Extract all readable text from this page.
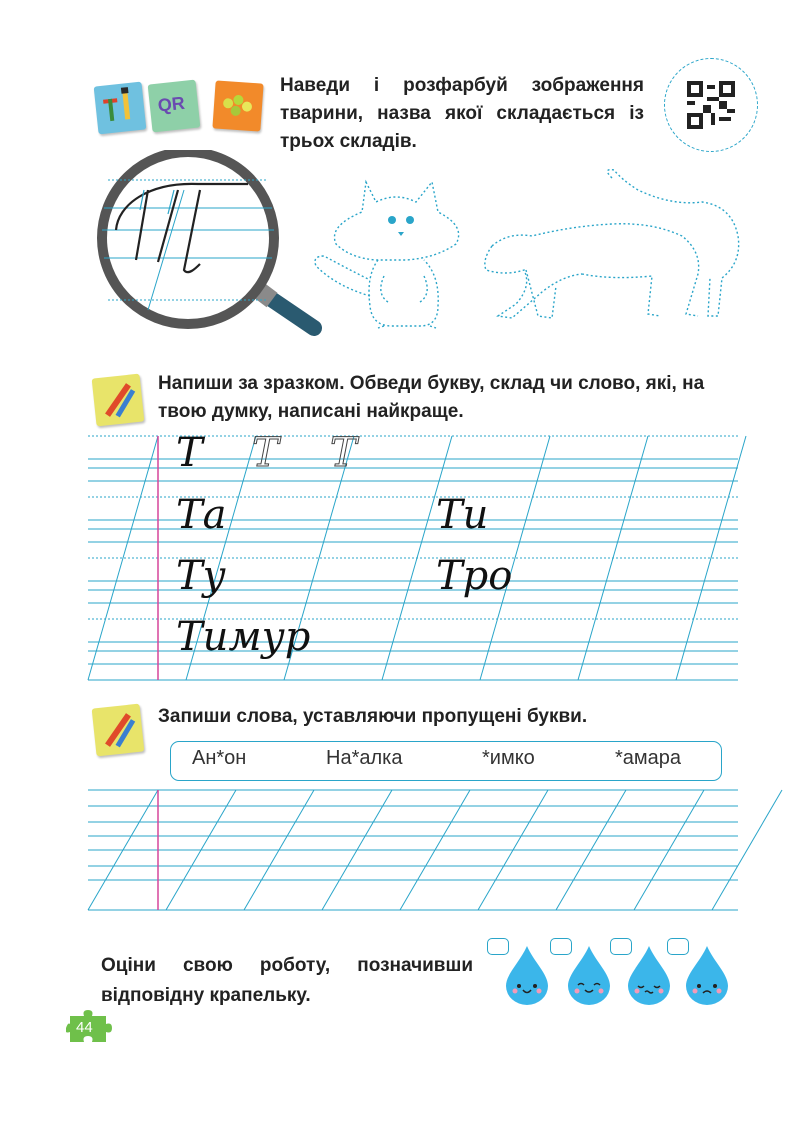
QR
Наведи і розфарбуй зображення тварини, назва якої складається із трьох складів.
Напиши за зразком. Обведи букву, склад чи слово, які, на твою думку, написані найкраще.
Т Т Т
Та	Ти
Ту	Тро
Тимур
Запиши слова, уставляючи пропущені букви.
Ан*он	На*алка	*имко	*амара
Оціни свою роботу, позначивши відповідну крапельку.
44
